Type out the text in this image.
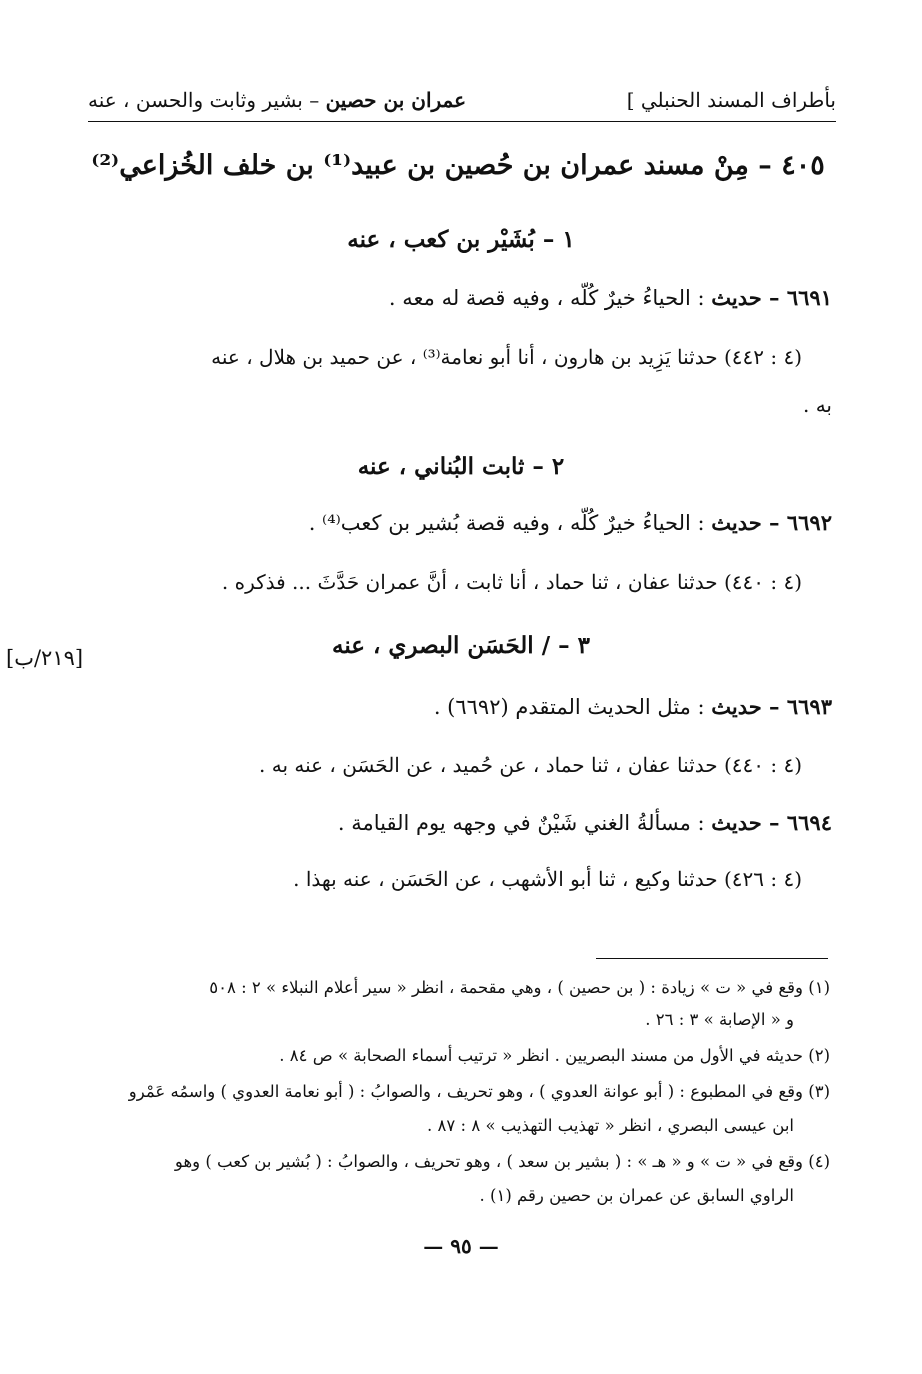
عمران بن حصين – بشير وثابت والحسن ، عنه	بأطراف المسند الحنبلي ]
٤٠٥ – مِنْ مسند عمران بن حُصين بن عبيد⁽¹⁾ بن خلف الخُزاعي⁽²⁾
١ – بُشَيْر بن كعب ، عنه
٦٦٩١ – حديث : الحياءُ خيرٌ كُلّه ، وفيه قصة له معه .
(٤ : ٤٤٢) حدثنا يَزِيد بن هارون ، أنا أبو نعامة⁽³⁾ ، عن حميد بن هلال ، عنه
به .
٢ – ثابت البُناني ، عنه
٦٦٩٢ – حديث : الحياءُ خيرٌ كُلّه ، وفيه قصة بُشير بن كعب⁽⁴⁾ .
(٤ : ٤٤٠) حدثنا عفان ، ثنا حماد ، أنا ثابت ، أنَّ عمران حَدَّثَ ... فذكره .
٣ – / الحَسَن البصري ، عنه
[٢١٩/ب]
٦٦٩٣ – حديث : مثل الحديث المتقدم (٦٦٩٢) .
(٤ : ٤٤٠) حدثنا عفان ، ثنا حماد ، عن حُميد ، عن الحَسَن ، عنه به .
٦٦٩٤ – حديث : مسألةُ الغني شَيْنٌ في وجهه يوم القيامة .
(٤ : ٤٢٦) حدثنا وكيع ، ثنا أبو الأشهب ، عن الحَسَن ، عنه بهذا .
(١) وقع في « ت » زيادة : ( بن حصين ) ، وهي مقحمة ، انظر « سير أعلام النبلاء » ٢ : ٥٠٨
و « الإصابة » ٣ : ٢٦ .
(٢) حديثه في الأول من مسند البصريين . انظر « ترتيب أسماء الصحابة » ص ٨٤ .
(٣) وقع في المطبوع : ( أبو عوانة العدوي ) ، وهو تحريف ، والصوابُ : ( أبو نعامة العدوي ) واسمُه عَمْرو
ابن عيسى البصري ، انظر « تهذيب التهذيب » ٨ : ٨٧ .
(٤) وقع في « ت » و « هـ » : ( بشير بن سعد ) ، وهو تحريف ، والصوابُ : ( بُشير بن كعب ) وهو
الراوي السابق عن عمران بن حصين رقم (١) .
— ٩٥ —
